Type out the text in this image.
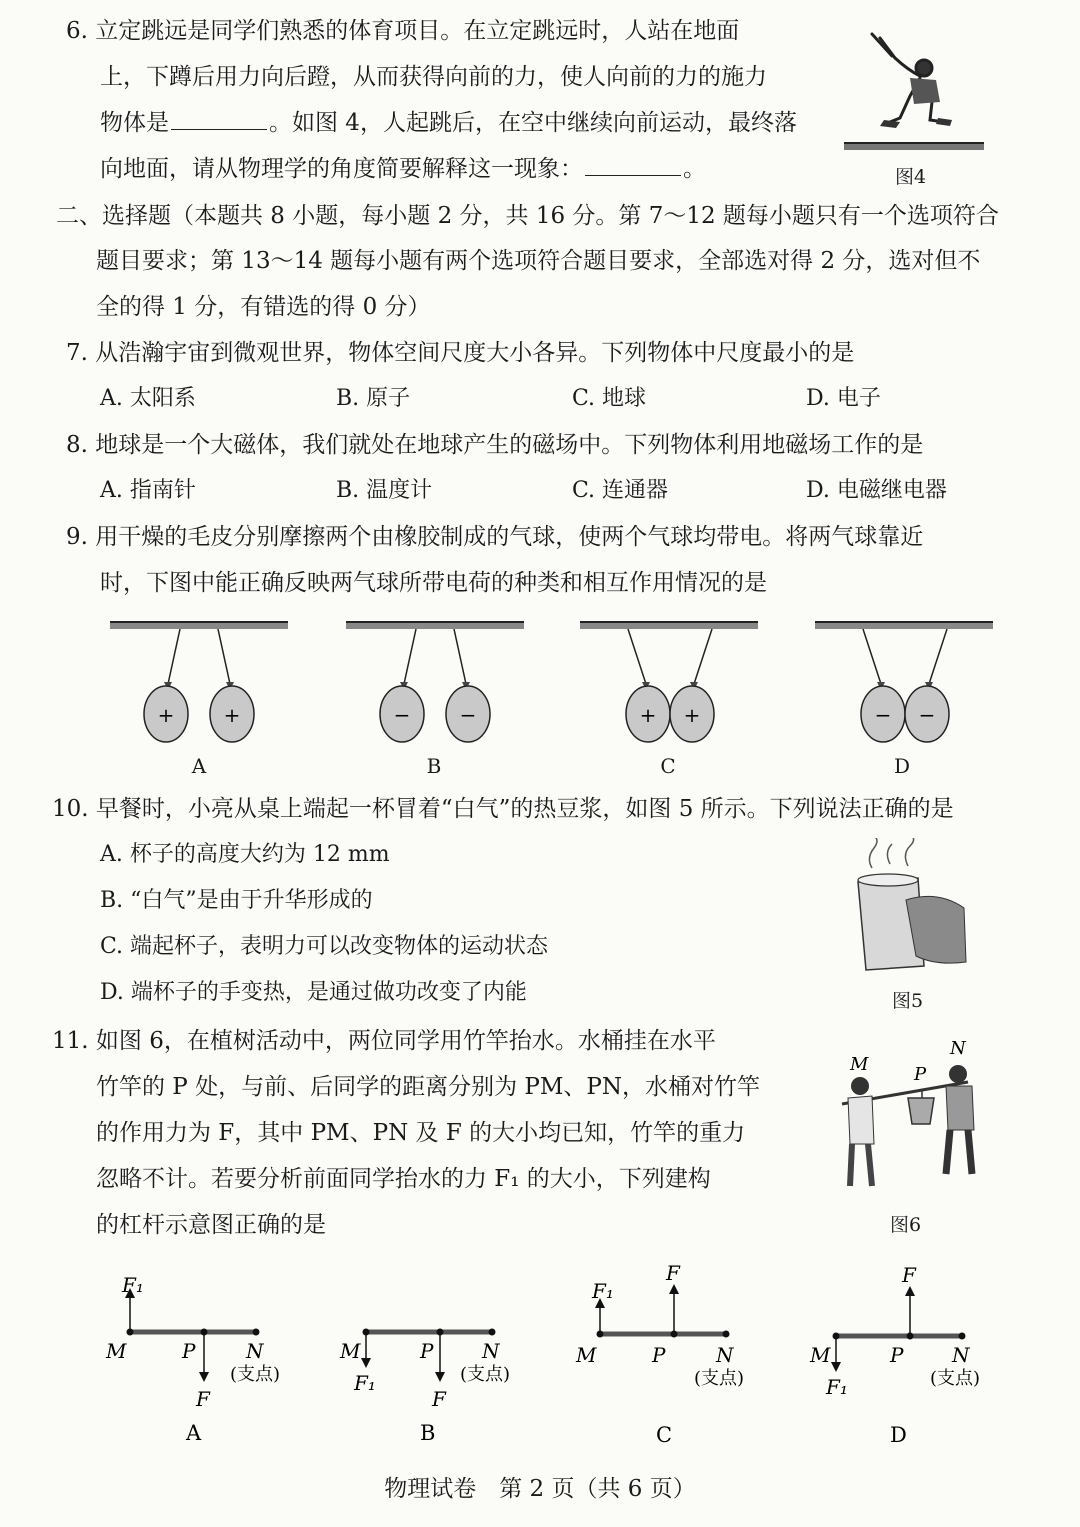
6. 立定跳远是同学们熟悉的体育项目。在立定跳远时，人站在地面
上，下蹲后用力向后蹬，从而获得向前的力，使人向前的力的施力
物体是	。如图 4，人起跳后，在空中继续向前运动，最终落
向地面，请从物理学的角度简要解释这一现象：	。	图4
二、选择题（本题共 8 小题，每小题 2 分，共 16 分。第 7～12 题每小题只有一个选项符合
题目要求；第 13～14 题每小题有两个选项符合题目要求，全部选对得 2 分，选对但不
全的得 1 分，有错选的得 0 分）
7. 从浩瀚宇宙到微观世界，物体空间尺度大小各异。下列物体中尺度最小的是
A. 太阳系	B. 原子	C. 地球	D. 电子
8. 地球是一个大磁体，我们就处在地球产生的磁场中。下列物体利用地磁场工作的是
A. 指南针	B. 温度计	C. 连通器	D. 电磁继电器
9. 用干燥的毛皮分别摩擦两个由橡胶制成的气球，使两个气球均带电。将两气球靠近
时，下图中能正确反映两气球所带电荷的种类和相互作用情况的是
+ +
A
− −
B
+ +
C
− −
D
10. 早餐时，小亮从桌上端起一杯冒着“白气”的热豆浆，如图 5 所示。下列说法正确的是
A. 杯子的高度大约为 12 mm
B. “白气”是由于升华形成的
C. 端起杯子，表明力可以改变物体的运动状态
D. 端杯子的手变热，是通过做功改变了内能	图5
11. 如图 6，在植树活动中，两位同学用竹竿抬水。水桶挂在水平
竹竿的 P 处，与前、后同学的距离分别为 PM、PN，水桶对竹竿
的作用力为 F，其中 PM、PN 及 F 的大小均已知，竹竿的重力
忽略不计。若要分析前面同学抬水的力 F₁ 的大小，下列建构
的杠杆示意图正确的是
M	P
N
图6
F₁
M	P	N
(支点)
F
A
M	P N
(支点)
F₁
F
B
F
F₁
M	P	N
(支点)
C
F
M	P N
(支点)
F₁
D
物理试卷　第 2 页（共 6 页）
